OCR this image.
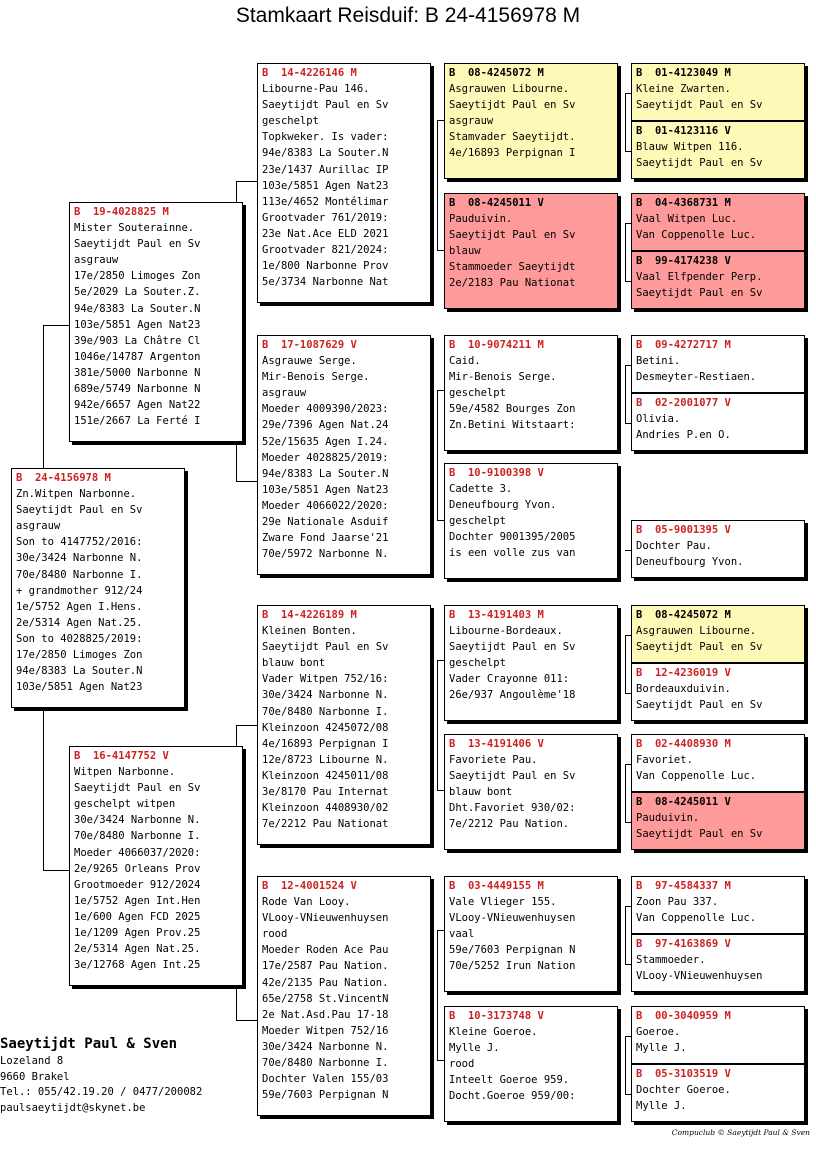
Stamkaart Reisduif: B 24-4156978 M
B  24-4156978 M
Zn.Witpen Narbonne.
Saeytijdt Paul en Sv
asgrauw
Son to 4147752/2016:
30e/3424 Narbonne N.
70e/8480 Narbonne I.
+ grandmother 912/24
1e/5752 Agen I.Hens.
2e/5314 Agen Nat.25.
Son to 4028825/2019:
17e/2850 Limoges Zon
94e/8383 La Souter.N
103e/5851 Agen Nat23
B  19-4028825 M
Mister Souterainne.
Saeytijdt Paul en Sv
asgrauw
17e/2850 Limoges Zon
5e/2029 La Souter.Z.
94e/8383 La Souter.N
103e/5851 Agen Nat23
39e/903 La Châtre Cl
1046e/14787 Argenton
381e/5000 Narbonne N
689e/5749 Narbonne N
942e/6657 Agen Nat22
151e/2667 La Ferté I
B  16-4147752 V
Witpen Narbonne.
Saeytijdt Paul en Sv
geschelpt witpen
30e/3424 Narbonne N.
70e/8480 Narbonne I.
Moeder 4066037/2020:
2e/9265 Orleans Prov
Grootmoeder 912/2024
1e/5752 Agen Int.Hen
1e/600 Agen FCD 2025
1e/1209 Agen Prov.25
2e/5314 Agen Nat.25.
3e/12768 Agen Int.25
B  14-4226146 M
Libourne-Pau 146.
Saeytijdt Paul en Sv
geschelpt
Topkweker. Is vader:
94e/8383 La Souter.N
23e/1437 Aurillac IP
103e/5851 Agen Nat23
113e/4652 Montélimar
Grootvader 761/2019:
23e Nat.Ace ELD 2021
Grootvader 821/2024:
1e/800 Narbonne Prov
5e/3734 Narbonne Nat
B  17-1087629 V
Asgrauwe Serge.
Mir-Benois Serge.
asgrauw
Moeder 4009390/2023:
29e/7396 Agen Nat.24
52e/15635 Agen I.24.
Moeder 4028825/2019:
94e/8383 La Souter.N
103e/5851 Agen Nat23
Moeder 4066022/2020:
29e Nationale Asduif
Zware Fond Jaarse'21
70e/5972 Narbonne N.
B  14-4226189 M
Kleinen Bonten.
Saeytijdt Paul en Sv
blauw bont
Vader Witpen 752/16:
30e/3424 Narbonne N.
70e/8480 Narbonne I.
Kleinzoon 4245072/08
4e/16893 Perpignan I
12e/8723 Libourne N.
Kleinzoon 4245011/08
3e/8170 Pau Internat
Kleinzoon 4408930/02
7e/2212 Pau Nationat
B  12-4001524 V
Rode Van Looy.
VLooy-VNieuwenhuysen
rood
Moeder Roden Ace Pau
17e/2587 Pau Nation.
42e/2135 Pau Nation.
65e/2758 St.VincentN
2e Nat.Asd.Pau 17-18
Moeder Witpen 752/16
30e/3424 Narbonne N.
70e/8480 Narbonne I.
Dochter Valen 155/03
59e/7603 Perpignan N
B  08-4245072 M
Asgrauwen Libourne.
Saeytijdt Paul en Sv
asgrauw
Stamvader Saeytijdt.
4e/16893 Perpignan I
B  08-4245011 V
Pauduivin.
Saeytijdt Paul en Sv
blauw
Stammoeder Saeytijdt
2e/2183 Pau Nationat
B  10-9074211 M
Caid.
Mir-Benois Serge.
geschelpt
59e/4582 Bourges Zon
Zn.Betini Witstaart:
B  10-9100398 V
Cadette 3.
Deneufbourg Yvon.
geschelpt
Dochter 9001395/2005
is een volle zus van
B  13-4191403 M
Libourne-Bordeaux.
Saeytijdt Paul en Sv
geschelpt
Vader Crayonne 011:
26e/937 Angoulème'18
B  13-4191406 V
Favoriete Pau.
Saeytijdt Paul en Sv
blauw bont
Dht.Favoriet 930/02:
7e/2212 Pau Nation.
B  03-4449155 M
Vale Vlieger 155.
VLooy-VNieuwenhuysen
vaal
59e/7603 Perpignan N
70e/5252 Irun Nation
B  10-3173748 V
Kleine Goeroe.
Mylle J.
rood
Inteelt Goeroe 959.
Docht.Goeroe 959/00:
B  01-4123049 M
Kleine Zwarten.
Saeytijdt Paul en Sv
B  01-4123116 V
Blauw Witpen 116.
Saeytijdt Paul en Sv
B  04-4368731 M
Vaal Witpen Luc.
Van Coppenolle Luc.
B  99-4174238 V
Vaal Elfpender Perp.
Saeytijdt Paul en Sv
B  09-4272717 M
Betini.
Desmeyter-Restiaen.
B  02-2001077 V
Olivia.
Andries P.en O.
B  05-9001395 V
Dochter Pau.
Deneufbourg Yvon.
B  08-4245072 M
Asgrauwen Libourne.
Saeytijdt Paul en Sv
B  12-4236019 V
Bordeauxduivin.
Saeytijdt Paul en Sv
B  02-4408930 M
Favoriet.
Van Coppenolle Luc.
B  08-4245011 V
Pauduivin.
Saeytijdt Paul en Sv
B  97-4584337 M
Zoon Pau 337.
Van Coppenolle Luc.
B  97-4163869 V
Stammoeder.
VLooy-VNieuwenhuysen
B  00-3040959 M
Goeroe.
Mylle J.
B  05-3103519 V
Dochter Goeroe.
Mylle J.
Saeytijdt Paul & Sven
Lozeland 8
9660 Brakel
Tel.: 055/42.19.20 / 0477/200082
paulsaeytijdt@skynet.be
Compuclub © Saeytijdt Paul & Sven
